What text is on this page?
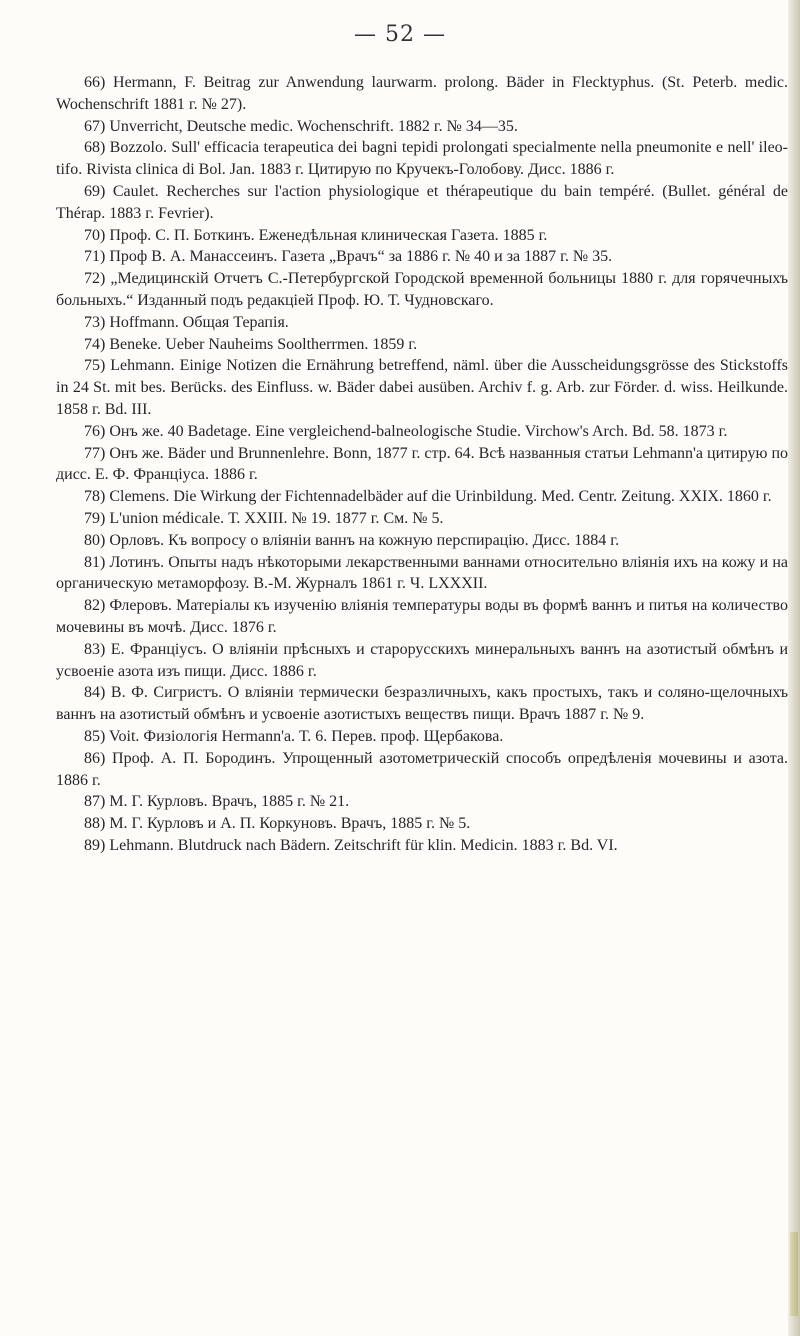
— 52 —
66) Hermann, F. Beitrag zur Anwendung laurwarm. prolong. Bäder in Flecktyphus. (St. Peterb. medic. Wochenschrift 1881 г. № 27).
67) Unverricht, Deutsche medic. Wochenschrift. 1882 г. № 34—35.
68) Bozzolo. Sull' efficacia terapeutica dei bagni tepidi prolongati specialmente nella pneumonite e nell' ileo-tifo. Rivista clinica di Bol. Jan. 1883 г. Цитирую по Кручекъ-Голобову. Дисс. 1886 г.
69) Caulet. Recherches sur l'action physiologique et thérapeutique du bain tempéré. (Bullet. général de Thérap. 1883 г. Fevrier).
70) Проф. С. П. Боткинъ. Еженедѣльная клиническая Газета. 1885 г.
71) Проф В. А. Манассеинъ. Газета „Врачъ“ за 1886 г. № 40 и за 1887 г. № 35.
72) „Медицинскій Отчетъ С.-Петербургской Городской временной больницы 1880 г. для горячечныхъ больныхъ.“ Изданный подъ редакціей Проф. Ю. Т. Чудновскаго.
73) Hoffmann. Общая Терапія.
74) Beneke. Ueber Nauheims Sooltherrmen. 1859 г.
75) Lehmann. Einige Notizen die Ernährung betreffend, näml. über die Ausscheidungsgrösse des Stickstoffs in 24 St. mit bes. Berücks. des Einfluss. w. Bäder dabei ausüben. Archiv f. g. Arb. zur Förder. d. wiss. Heilkunde. 1858 г. Bd. III.
76) Онъ же. 40 Badetage. Eine vergleichend-balneologische Studie. Virchow's Arch. Bd. 58. 1873 г.
77) Онъ же. Bäder und Brunnenlehre. Bonn, 1877 г. стр. 64. Всѣ названныя статьи Lehmann'а цитирую по дисс. Е. Ф. Францiуса. 1886 г.
78) Clemens. Die Wirkung der Fichtennadelbäder auf die Urinbildung. Med. Centr. Zeitung. XXIX. 1860 г.
79) L'union médicale. Т. XXIII. № 19. 1877 г. См. № 5.
80) Орловъ. Къ вопросу о вліяніи ваннъ на кожную перспирацію. Дисс. 1884 г.
81) Лотинъ. Опыты надъ нѣкоторыми лекарственными ваннами относительно вліянія ихъ на кожу и на органическую метаморфозу. В.-М. Журналъ 1861 г. Ч. LXXXII.
82) Флеровъ. Матеріалы къ изученію вліянія температуры воды въ формѣ ваннъ и питья на количество мочевины въ мочѣ. Дисс. 1876 г.
83) Е. Францiусъ. О вліяніи прѣсныхъ и старорусскихъ минеральныхъ ваннъ на азотистый обмѣнъ и усвоеніе азота изъ пищи. Дисс. 1886 г.
84) В. Ф. Сигристъ. О вліяніи термически безразличныхъ, какъ простыхъ, такъ и соляно-щелочныхъ ваннъ на азотистый обмѣнъ и усвоеніе азотистыхъ веществъ пищи. Врачъ 1887 г. № 9.
85) Voit. Физіологія Hermann'а. Т. 6. Перев. проф. Щербакова.
86) Проф. А. П. Бородинъ. Упрощенный азотометрическій способъ опредѣленія мочевины и азота. 1886 г.
87) М. Г. Курловъ. Врачъ, 1885 г. № 21.
88) М. Г. Курловъ и А. П. Коркуновъ. Врачъ, 1885 г. № 5.
89) Lehmann. Blutdruck nach Bädern. Zeitschrift für klin. Medicin. 1883 г. Bd. VI.
